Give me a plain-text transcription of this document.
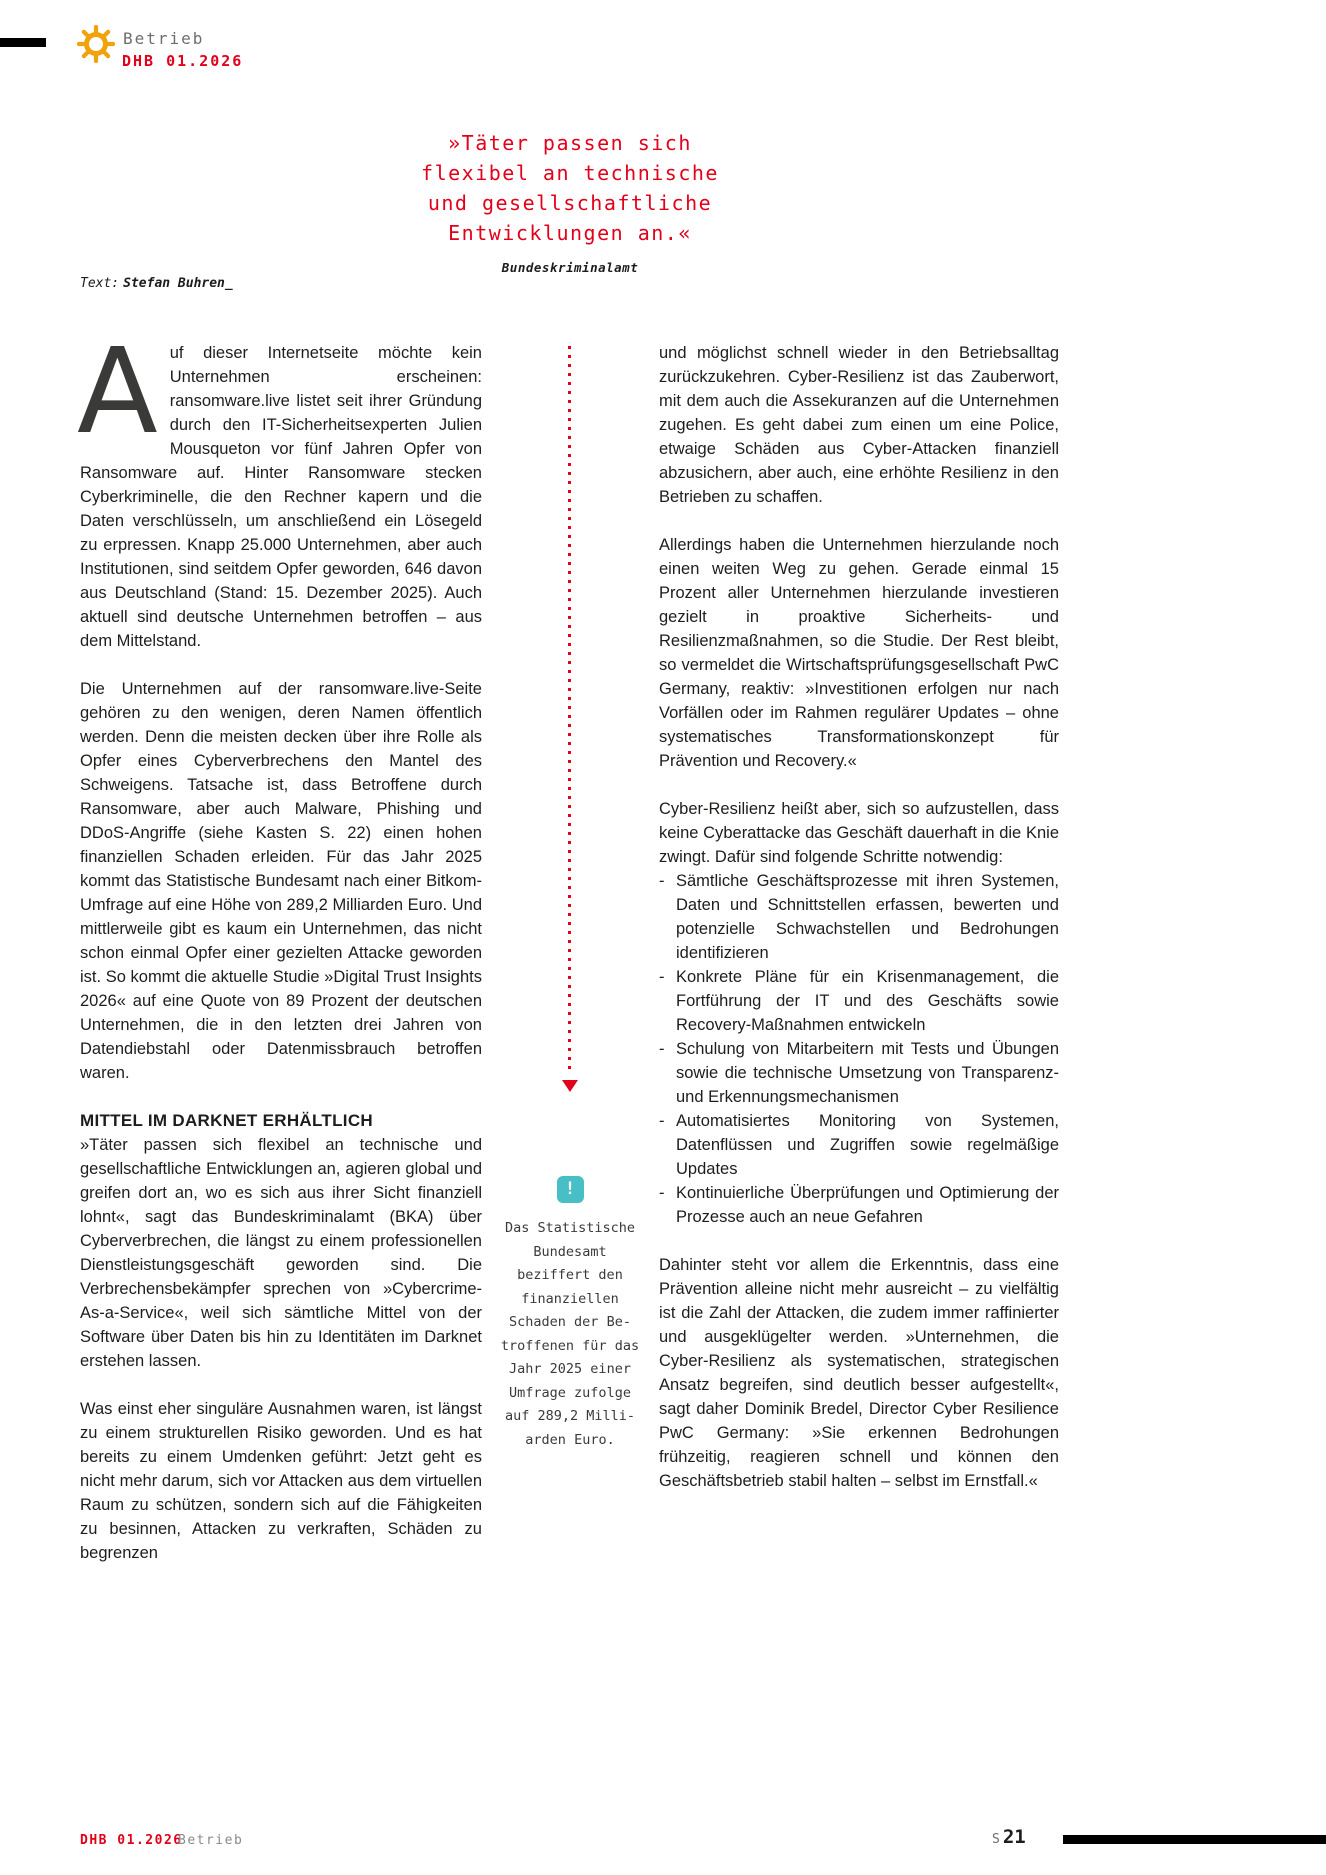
Betrieb
DHB 01.2026
»Täter passen sich
flexibel an technische
und gesellschaftliche
Entwicklungen an.«
Bundeskriminalamt
Text: Stefan Buhren_

Auf dieser Internetseite möchte kein Unternehmen erscheinen: ransomware.live listet seit ihrer Gründung durch den IT-Sicherheitsexperten Julien Mousqueton vor fünf Jahren Opfer von Ransomware auf. Hinter Ransomware stecken Cyberkriminelle, die den Rechner kapern und die Daten verschlüsseln, um anschließend ein Lösegeld zu erpressen. Knapp 25.000 Unternehmen, aber auch Institutionen, sind seitdem Opfer geworden, 646 davon aus Deutschland (Stand: 15. Dezember 2025). Auch aktuell sind deutsche Unternehmen betroffen – aus dem Mittelstand.

Die Unternehmen auf der ransomware.live-Seite gehören zu den wenigen, deren Namen öffentlich werden. Denn die meisten decken über ihre Rolle als Opfer eines Cyberverbrechens den Mantel des Schweigens. Tatsache ist, dass Betroffene durch Ransomware, aber auch Malware, Phishing und DDoS-Angriffe (siehe Kasten S. 22) einen hohen finanziellen Schaden erleiden. Für das Jahr 2025 kommt das Statistische Bundesamt nach einer Bitkom-Umfrage auf eine Höhe von 289,2 Milliarden Euro. Und mittlerweile gibt es kaum ein Unternehmen, das nicht schon einmal Opfer einer gezielten Attacke geworden ist. So kommt die aktuelle Studie »Digital Trust Insights 2026« auf eine Quote von 89 Prozent der deutschen Unternehmen, die in den letzten drei Jahren von Datendiebstahl oder Datenmissbrauch betroffen waren.

MITTEL IM DARKNET ERHÄLTLICH

»Täter passen sich flexibel an technische und gesellschaftliche Entwicklungen an, agieren global und greifen dort an, wo es sich aus ihrer Sicht finanziell lohnt«, sagt das Bundeskriminalamt (BKA) über Cyberverbrechen, die längst zu einem professionellen Dienstleistungsgeschäft geworden sind. Die Verbrechensbekämpfer sprechen von »Cybercrime-As-a-Service«, weil sich sämtliche Mittel von der Software über Daten bis hin zu Identitäten im Darknet erstehen lassen.

Was einst eher singuläre Ausnahmen waren, ist längst zu einem strukturellen Risiko geworden. Und es hat bereits zu einem Umdenken geführt: Jetzt geht es nicht mehr darum, sich vor Attacken aus dem virtuellen Raum zu schützen, sondern sich auf die Fähigkeiten zu besinnen, Attacken zu verkraften, Schäden zu begrenzen

!
Das Statistische
Bundesamt
beziffert den
finanziellen
Schaden der Be-
troffenen für das
Jahr 2025 einer
Umfrage zufolge
auf 289,2 Milli-
arden Euro.

und möglichst schnell wieder in den Betriebsalltag zurückzukehren. Cyber-Resilienz ist das Zauberwort, mit dem auch die Assekuranzen auf die Unternehmen zugehen. Es geht dabei zum einen um eine Police, etwaige Schäden aus Cyber-Attacken finanziell abzusichern, aber auch, eine erhöhte Resilienz in den Betrieben zu schaffen.

Allerdings haben die Unternehmen hierzulande noch einen weiten Weg zu gehen. Gerade einmal 15 Prozent aller Unternehmen hierzulande investieren gezielt in proaktive Sicherheits- und Resilienzmaßnahmen, so die Studie. Der Rest bleibt, so vermeldet die Wirtschaftsprüfungsgesellschaft PwC Germany, reaktiv: »Investitionen erfolgen nur nach Vorfällen oder im Rahmen regulärer Updates – ohne systematisches Transformationskonzept für Prävention und Recovery.«

Cyber-Resilienz heißt aber, sich so aufzustellen, dass keine Cyberattacke das Geschäft dauerhaft in die Knie zwingt. Dafür sind folgende Schritte notwendig:

- Sämtliche Geschäftsprozesse mit ihren Systemen, Daten und Schnittstellen erfassen, bewerten und potenzielle Schwachstellen und Bedrohungen identifizieren
- Konkrete Pläne für ein Krisenmanagement, die Fortführung der IT und des Geschäfts sowie Recovery-Maßnahmen entwickeln
- Schulung von Mitarbeitern mit Tests und Übungen sowie die technische Umsetzung von Transparenz- und Erkennungsmechanismen
- Automatisiertes Monitoring von Systemen, Datenflüssen und Zugriffen sowie regelmäßige Updates
- Kontinuierliche Überprüfungen und Optimierung der Prozesse auch an neue Gefahren

Dahinter steht vor allem die Erkenntnis, dass eine Prävention alleine nicht mehr ausreicht – zu vielfältig ist die Zahl der Attacken, die zudem immer raffinierter und ausgeklügelter werden. »Unternehmen, die Cyber-Resilienz als systematischen, strategischen Ansatz begreifen, sind deutlich besser aufgestellt«, sagt daher Dominik Bredel, Director Cyber Resilience PwC Germany: »Sie erkennen Bedrohungen frühzeitig, reagieren schnell und können den Geschäftsbetrieb stabil halten – selbst im Ernstfall.«

DHB 01.2026
Betrieb	S 21
